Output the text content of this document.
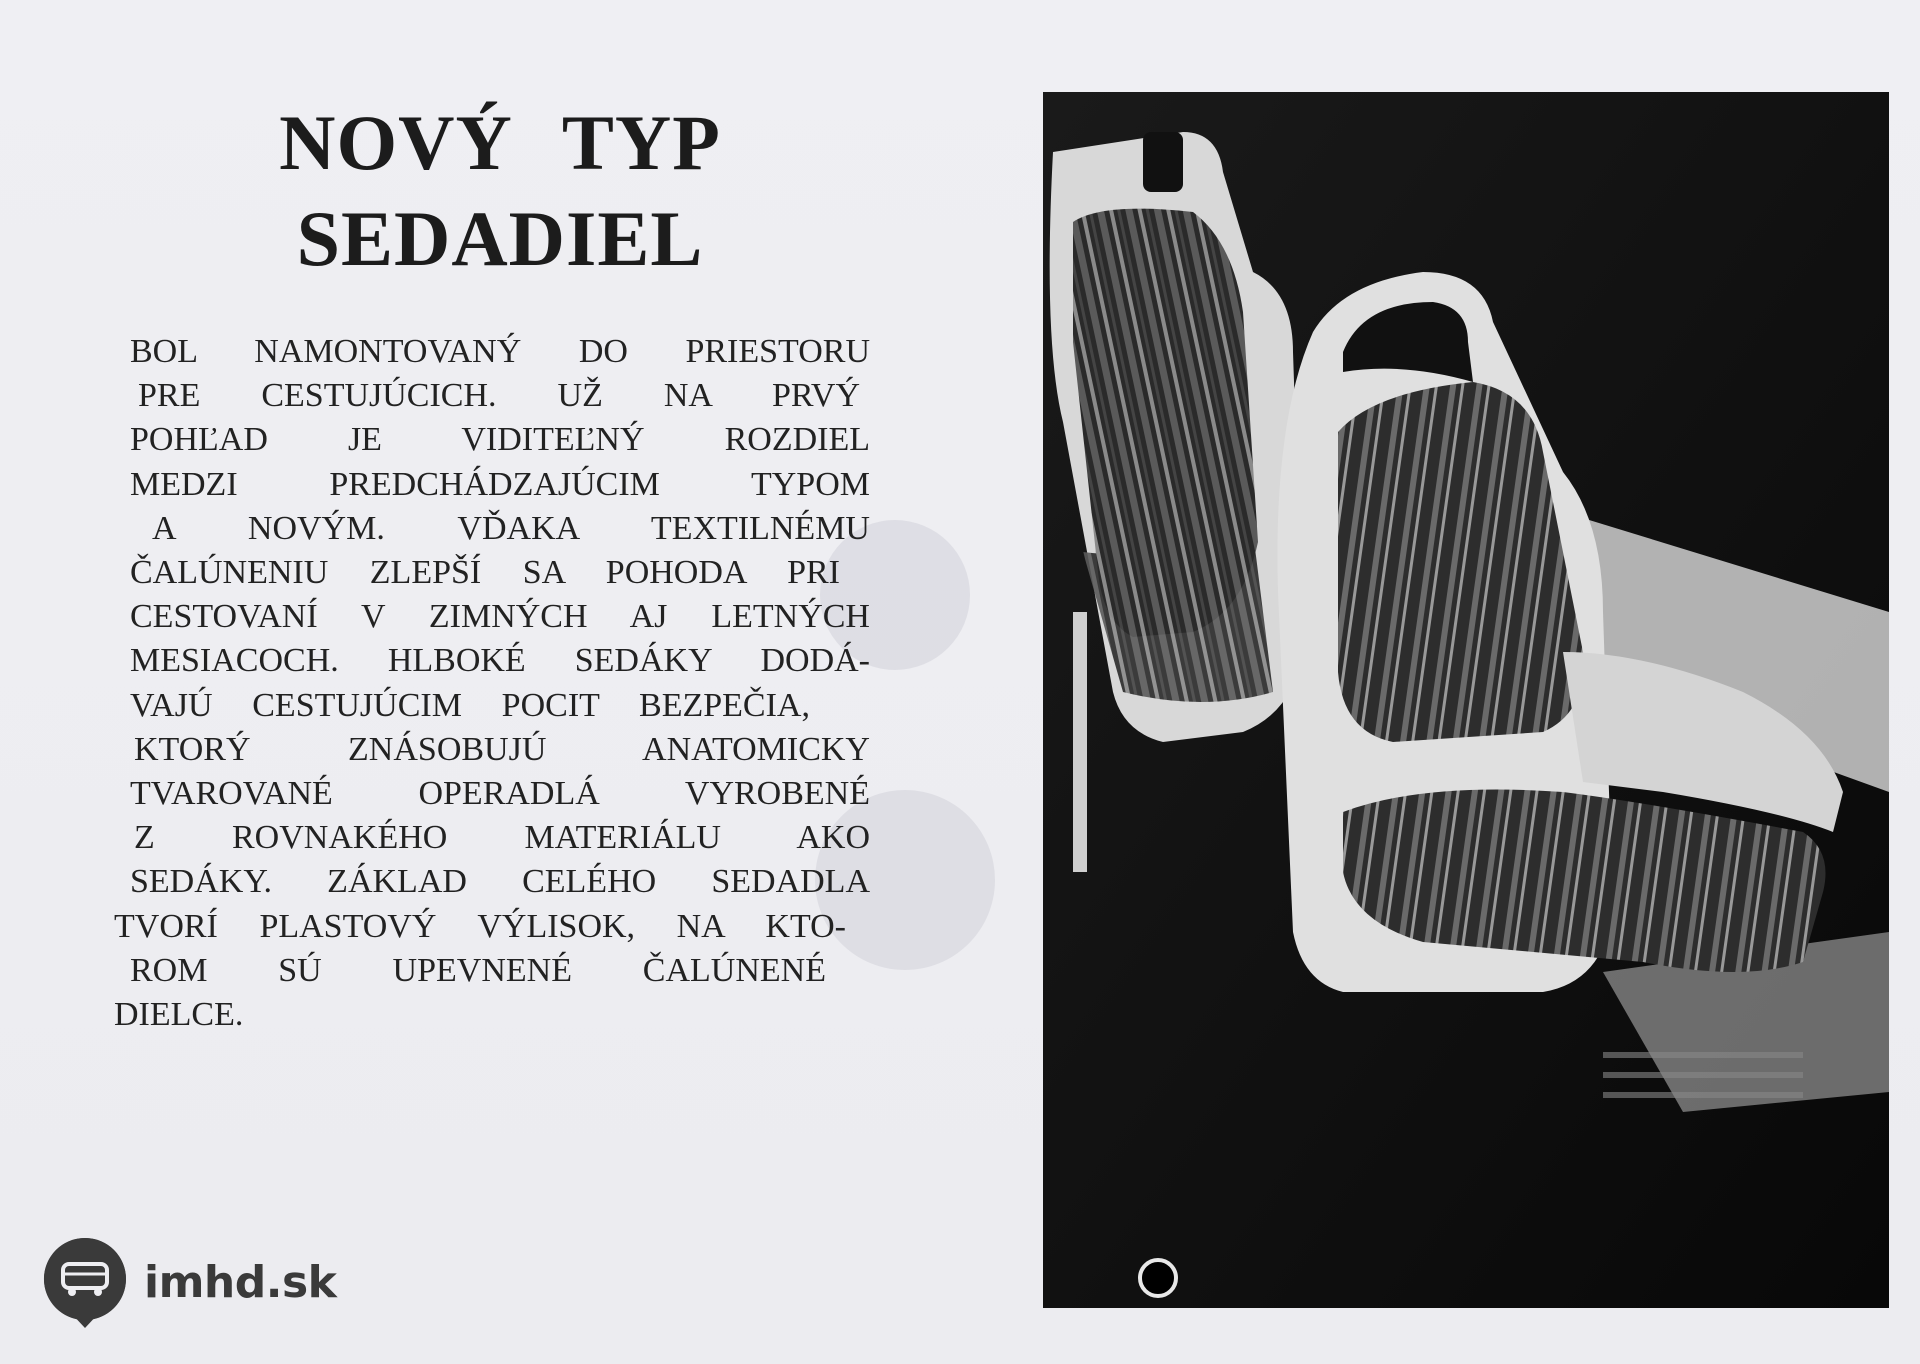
NOVÝ TYP
SEDADIEL
BOL NAMONTOVANÝ DO PRIESTORU
PRE CESTUJÚCICH. UŽ NA PRVÝ
POHĽAD JE VIDITEĽNÝ ROZDIEL
MEDZI PREDCHÁDZAJÚCIM TYPOM
A NOVÝM. VĎAKA TEXTILNÉMU
ČALÚNENIU ZLEPŠÍ SA POHODA PRI
CESTOVANÍ V ZIMNÝCH AJ LETNÝCH
MESIACOCH. HLBOKÉ SEDÁKY DODÁ-
VAJÚ CESTUJÚCIM POCIT BEZPEČIA,
KTORÝ ZNÁSOBUJÚ ANATOMICKY
TVAROVANÉ OPERADLÁ VYROBENÉ
Z ROVNAKÉHO MATERIÁLU AKO
SEDÁKY. ZÁKLAD CELÉHO SEDADLA
TVORÍ PLASTOVÝ VÝLISOK, NA KTO-
ROM SÚ UPEVNENÉ ČALÚNENÉ
DIELCE.
imhd.sk
